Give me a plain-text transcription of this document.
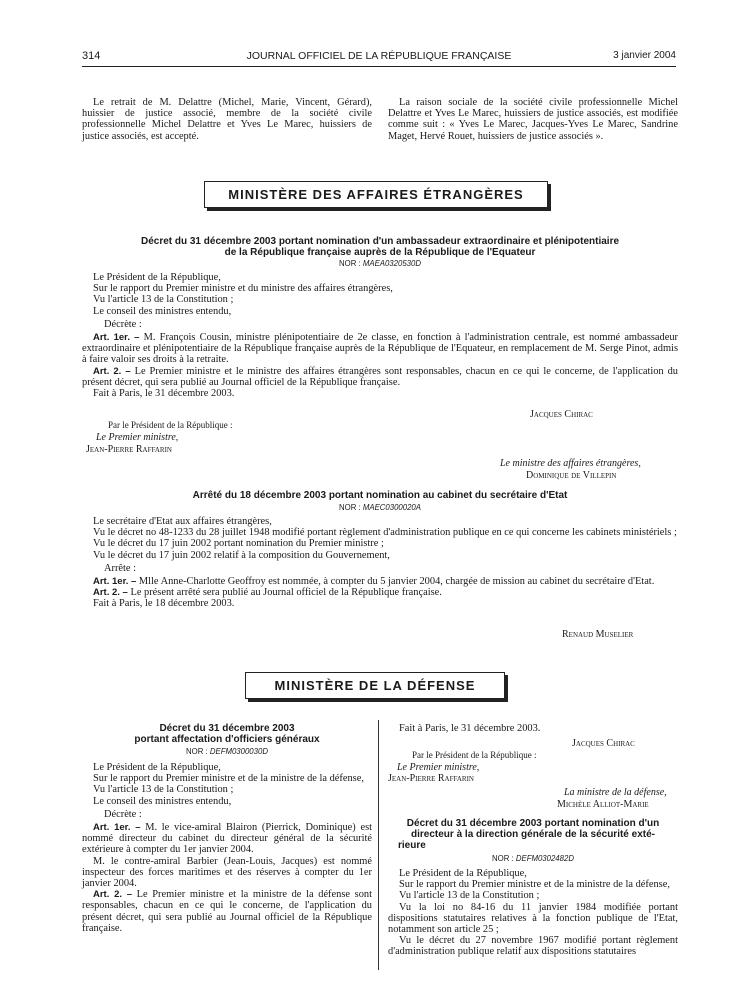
314	JOURNAL OFFICIEL DE LA RÉPUBLIQUE FRANÇAISE	3 janvier 2004
Le retrait de M. Delattre (Michel, Marie, Vincent, Gérard), huissier de justice associé, membre de la société civile professionnelle Michel Delattre et Yves Le Marec, huissiers de justice associés, est accepté.
La raison sociale de la société civile professionnelle Michel Delattre et Yves Le Marec, huissiers de justice associés, est modifiée comme suit : « Yves Le Marec, Jacques-Yves Le Marec, Sandrine Maget, Hervé Rouet, huissiers de justice associés ».
MINISTÈRE DES AFFAIRES ÉTRANGÈRES
Décret du 31 décembre 2003 portant nomination d'un ambassadeur extraordinaire et plénipotentiaire
de la République française auprès de la République de l'Equateur
NOR : MAEA0320530D

Le Président de la République,

Sur le rapport du Premier ministre et du ministre des affaires étrangères,

Vu l'article 13 de la Constitution ;

Le conseil des ministres entendu,

Décrète :

Art. 1er. – M. François Cousin, ministre plénipotentiaire de 2e classe, en fonction à l'administration centrale, est nommé ambassadeur extraordinaire et plénipotentiaire de la République française auprès de la République de l'Equateur, en remplacement de M. Serge Pinot, admis à faire valoir ses droits à la retraite.

Art. 2. – Le Premier ministre et le ministre des affaires étrangères sont responsables, chacun en ce qui le concerne, de l'application du présent décret, qui sera publié au Journal officiel de la République française.

Fait à Paris, le 31 décembre 2003.

Jacques Chirac
Par le Président de la République :
Le Premier ministre,
Jean-Pierre Raffarin
Le ministre des affaires étrangères,
Dominique de Villepin
Arrêté du 18 décembre 2003 portant nomination au cabinet du secrétaire d'Etat
NOR : MAEC0300020A

Le secrétaire d'Etat aux affaires étrangères,

Vu le décret no 48-1233 du 28 juillet 1948 modifié portant règlement d'administration publique en ce qui concerne les cabinets ministériels ;

Vu le décret du 17 juin 2002 portant nomination du Premier ministre ;

Vu le décret du 17 juin 2002 relatif à la composition du Gouvernement,

Arrête :

Art. 1er. – Mlle Anne-Charlotte Geoffroy est nommée, à compter du 5 janvier 2004, chargée de mission au cabinet du secrétaire d'Etat.

Art. 2. – Le présent arrêté sera publié au Journal officiel de la République française.

Fait à Paris, le 18 décembre 2003.

Renaud Muselier
MINISTÈRE DE LA DÉFENSE
Décret du 31 décembre 2003
portant affectation d'officiers généraux
NOR : DEFM0300030D

Le Président de la République,

Sur le rapport du Premier ministre et de la ministre de la défense,

Vu l'article 13 de la Constitution ;

Le conseil des ministres entendu,

Décrète :

Art. 1er. – M. le vice-amiral Blairon (Pierrick, Dominique) est nommé directeur du cabinet du directeur général de la sécurité extérieure à compter du 1er janvier 2004.

M. le contre-amiral Barbier (Jean-Louis, Jacques) est nommé inspecteur des forces maritimes et des réserves à compter du 1er janvier 2004.

Art. 2. – Le Premier ministre et la ministre de la défense sont responsables, chacun en ce qui le concerne, de l'application du présent décret, qui sera publié au Journal officiel de la République française.

Fait à Paris, le 31 décembre 2003.

Jacques Chirac
Par le Président de la République :
Le Premier ministre,
Jean-Pierre Raffarin
La ministre de la défense,
Michèle Alliot-Marie
Décret du 31 décembre 2003 portant nomination d'un
directeur à la direction générale de la sécurité exté-
rieure
NOR : DEFM0302482D

Le Président de la République,

Sur le rapport du Premier ministre et de la ministre de la défense,

Vu l'article 13 de la Constitution ;

Vu la loi no 84-16 du 11 janvier 1984 modifiée portant dispositions statutaires relatives à la fonction publique de l'Etat, notamment son article 25 ;

Vu le décret du 27 novembre 1967 modifié portant règlement d'administration publique relatif aux dispositions statutaires
